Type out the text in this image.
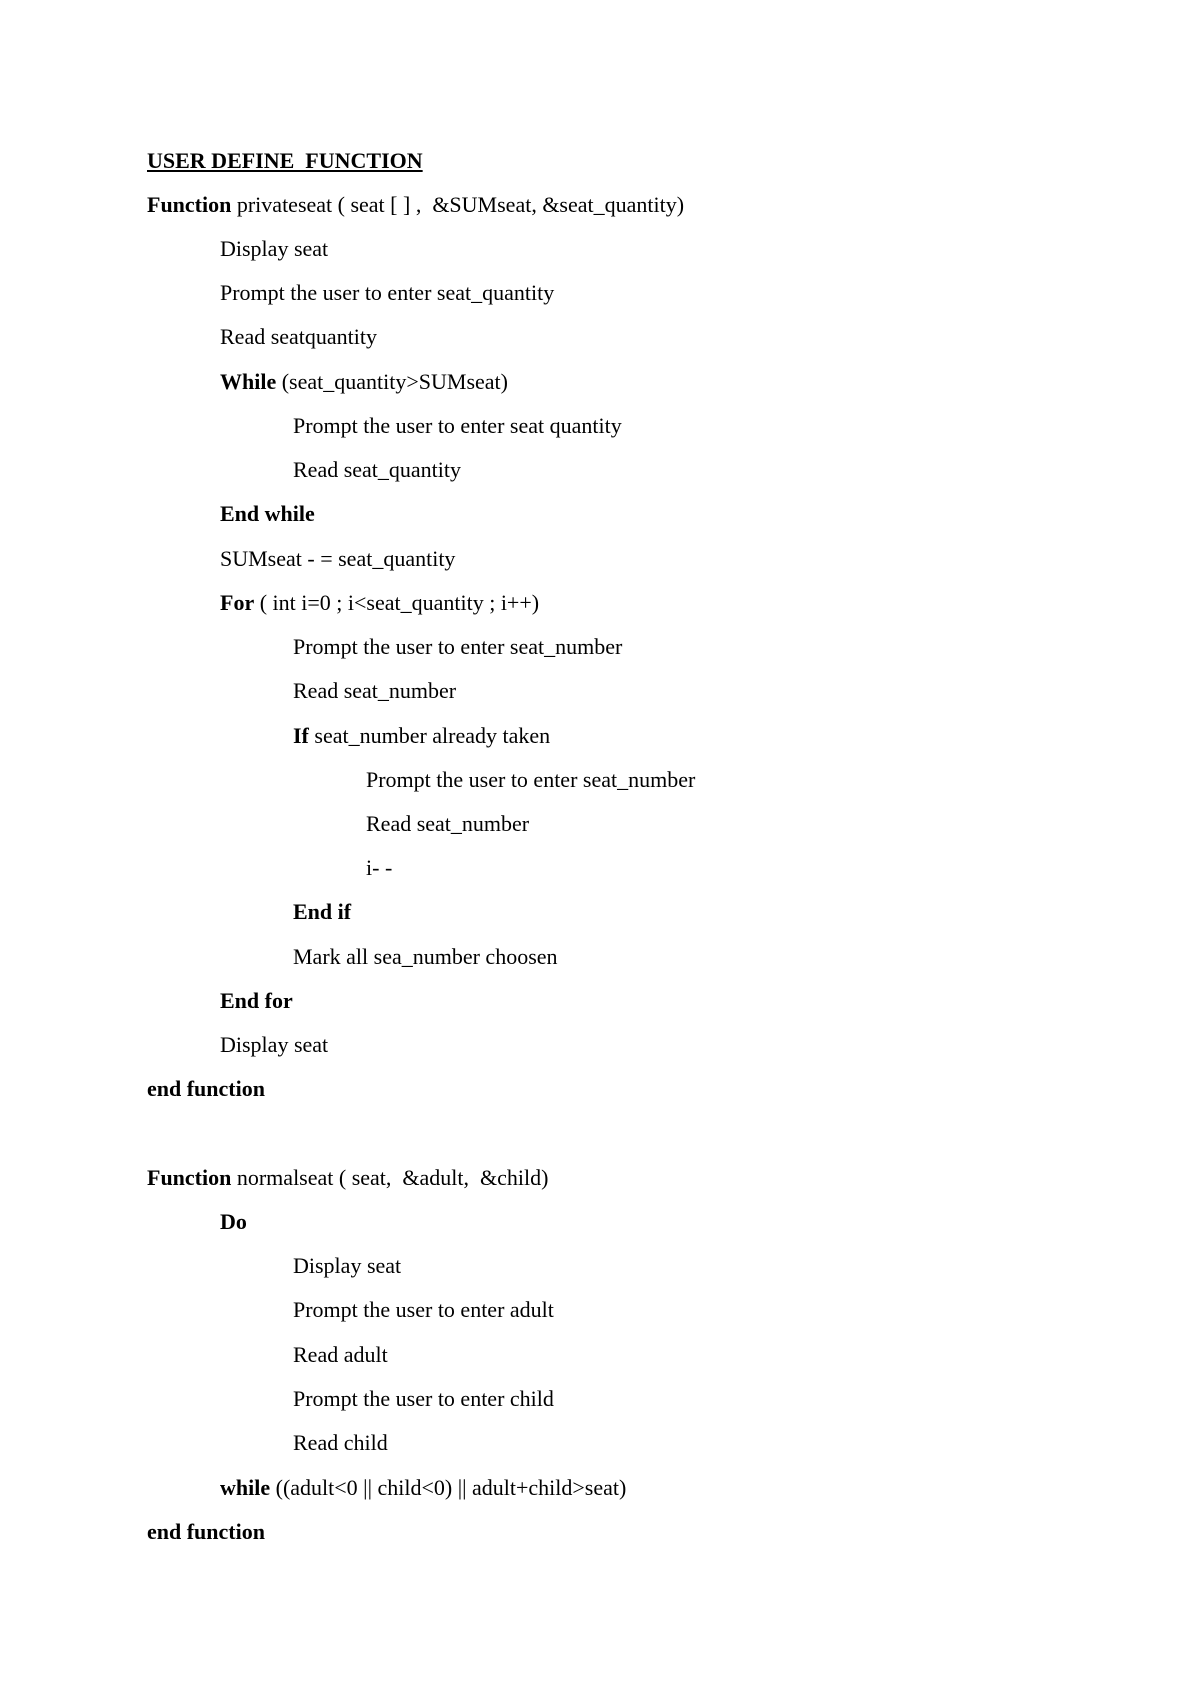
USER DEFINE  FUNCTION
Function privateseat ( seat [ ] ,  &SUMseat, &seat_quantity)
Display seat
Prompt the user to enter seat_quantity
Read seatquantity
While (seat_quantity>SUMseat)
Prompt the user to enter seat quantity
Read seat_quantity
End while
SUMseat - = seat_quantity
For ( int i=0 ; i<seat_quantity ; i++)
Prompt the user to enter seat_number
Read seat_number
If seat_number already taken
Prompt the user to enter seat_number
Read seat_number
i- -
End if
Mark all sea_number choosen
End for
Display seat
end function
Function normalseat ( seat,  &adult,  &child)
Do
Display seat
Prompt the user to enter adult
Read adult
Prompt the user to enter child
Read child
while ((adult<0 || child<0) || adult+child>seat)
end function
